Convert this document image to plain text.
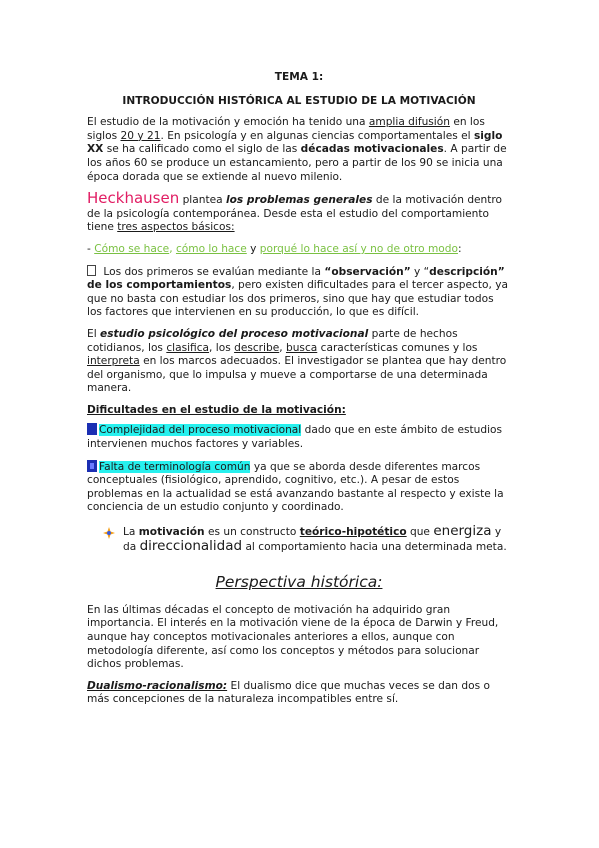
TEMA 1:
INTRODUCCIÓN HISTÓRICA AL ESTUDIO DE LA MOTIVACIÓN

El estudio de la motivación y emoción ha tenido una amplia difusión en los siglos 20 y 21. En psicología y en algunas ciencias comportamentales el siglo XX se ha calificado como el siglo de las décadas motivacionales. A partir de los años 60 se produce un estancamiento, pero a partir de los 90 se inicia una época dorada que se extiende al nuevo milenio.

Heckhausen plantea los problemas generales de la motivación dentro de la psicología contemporánea. Desde esta el estudio del comportamiento tiene tres aspectos básicos:

- Cómo se hace, cómo lo hace y porqué lo hace así y no de otro modo:

Los dos primeros se evalúan mediante la “observación” y “descripción” de los comportamientos, pero existen dificultades para el tercer aspecto, ya que no basta con estudiar los dos primeros, sino que hay que estudiar todos los factores que intervienen en su producción, lo que es difícil.

El estudio psicológico del proceso motivacional parte de hechos cotidianos, los clasifica, los describe, busca características comunes y los interpreta en los marcos adecuados. El investigador se plantea que hay dentro del organismo, que lo impulsa y mueve a comportarse de una determinada manera.

Dificultades en el estudio de la motivación:

Complejidad del proceso motivacional dado que en este ámbito de estudios intervienen muchos factores y variables.

Falta de terminología común ya que se aborda desde diferentes marcos conceptuales (fisiológico, aprendido, cognitivo, etc.). A pesar de estos problemas en la actualidad se está avanzando bastante al respecto y existe la conciencia de un estudio conjunto y coordinado.

La motivación es un constructo teórico-hipotético que energiza y da direccionalidad al comportamiento hacia una determinada meta.
Perspectiva histórica:

En las últimas décadas el concepto de motivación ha adquirido gran importancia. El interés en la motivación viene de la época de Darwin y Freud, aunque hay conceptos motivacionales anteriores a ellos, aunque con metodología diferente, así como los conceptos y métodos para solucionar dichos problemas.

Dualismo-racionalismo: El dualismo dice que muchas veces se dan dos o más concepciones de la naturaleza incompatibles entre sí.
